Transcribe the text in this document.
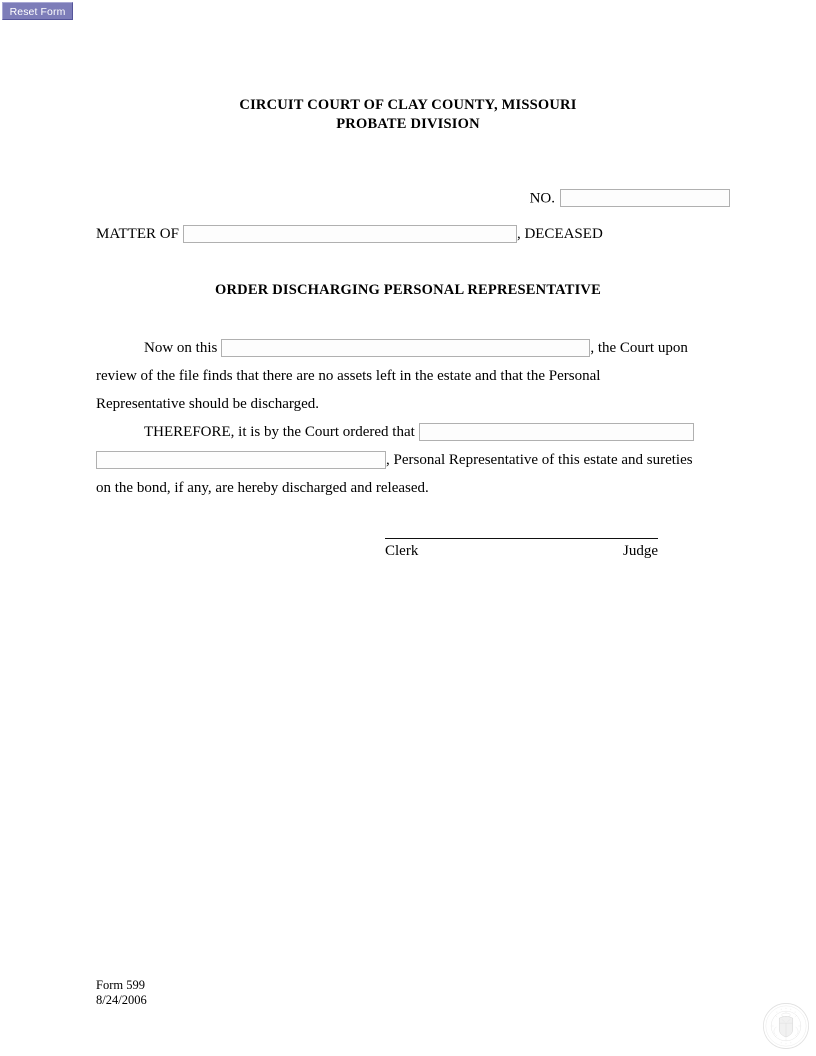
Reset Form
CIRCUIT COURT OF CLAY COUNTY, MISSOURI
PROBATE DIVISION
NO.
MATTER OF	, DECEASED
ORDER DISCHARGING PERSONAL REPRESENTATIVE

Now on this	, the Court upon

review of the file finds that there are no assets left in the estate and that the Personal

Representative should be discharged.

THEREFORE, it is by the Court ordered that

, Personal Representative of this estate and sureties

on the bond, if any, are hereby discharged and released.

Clerk	Judge
Form 599
8/24/2006
